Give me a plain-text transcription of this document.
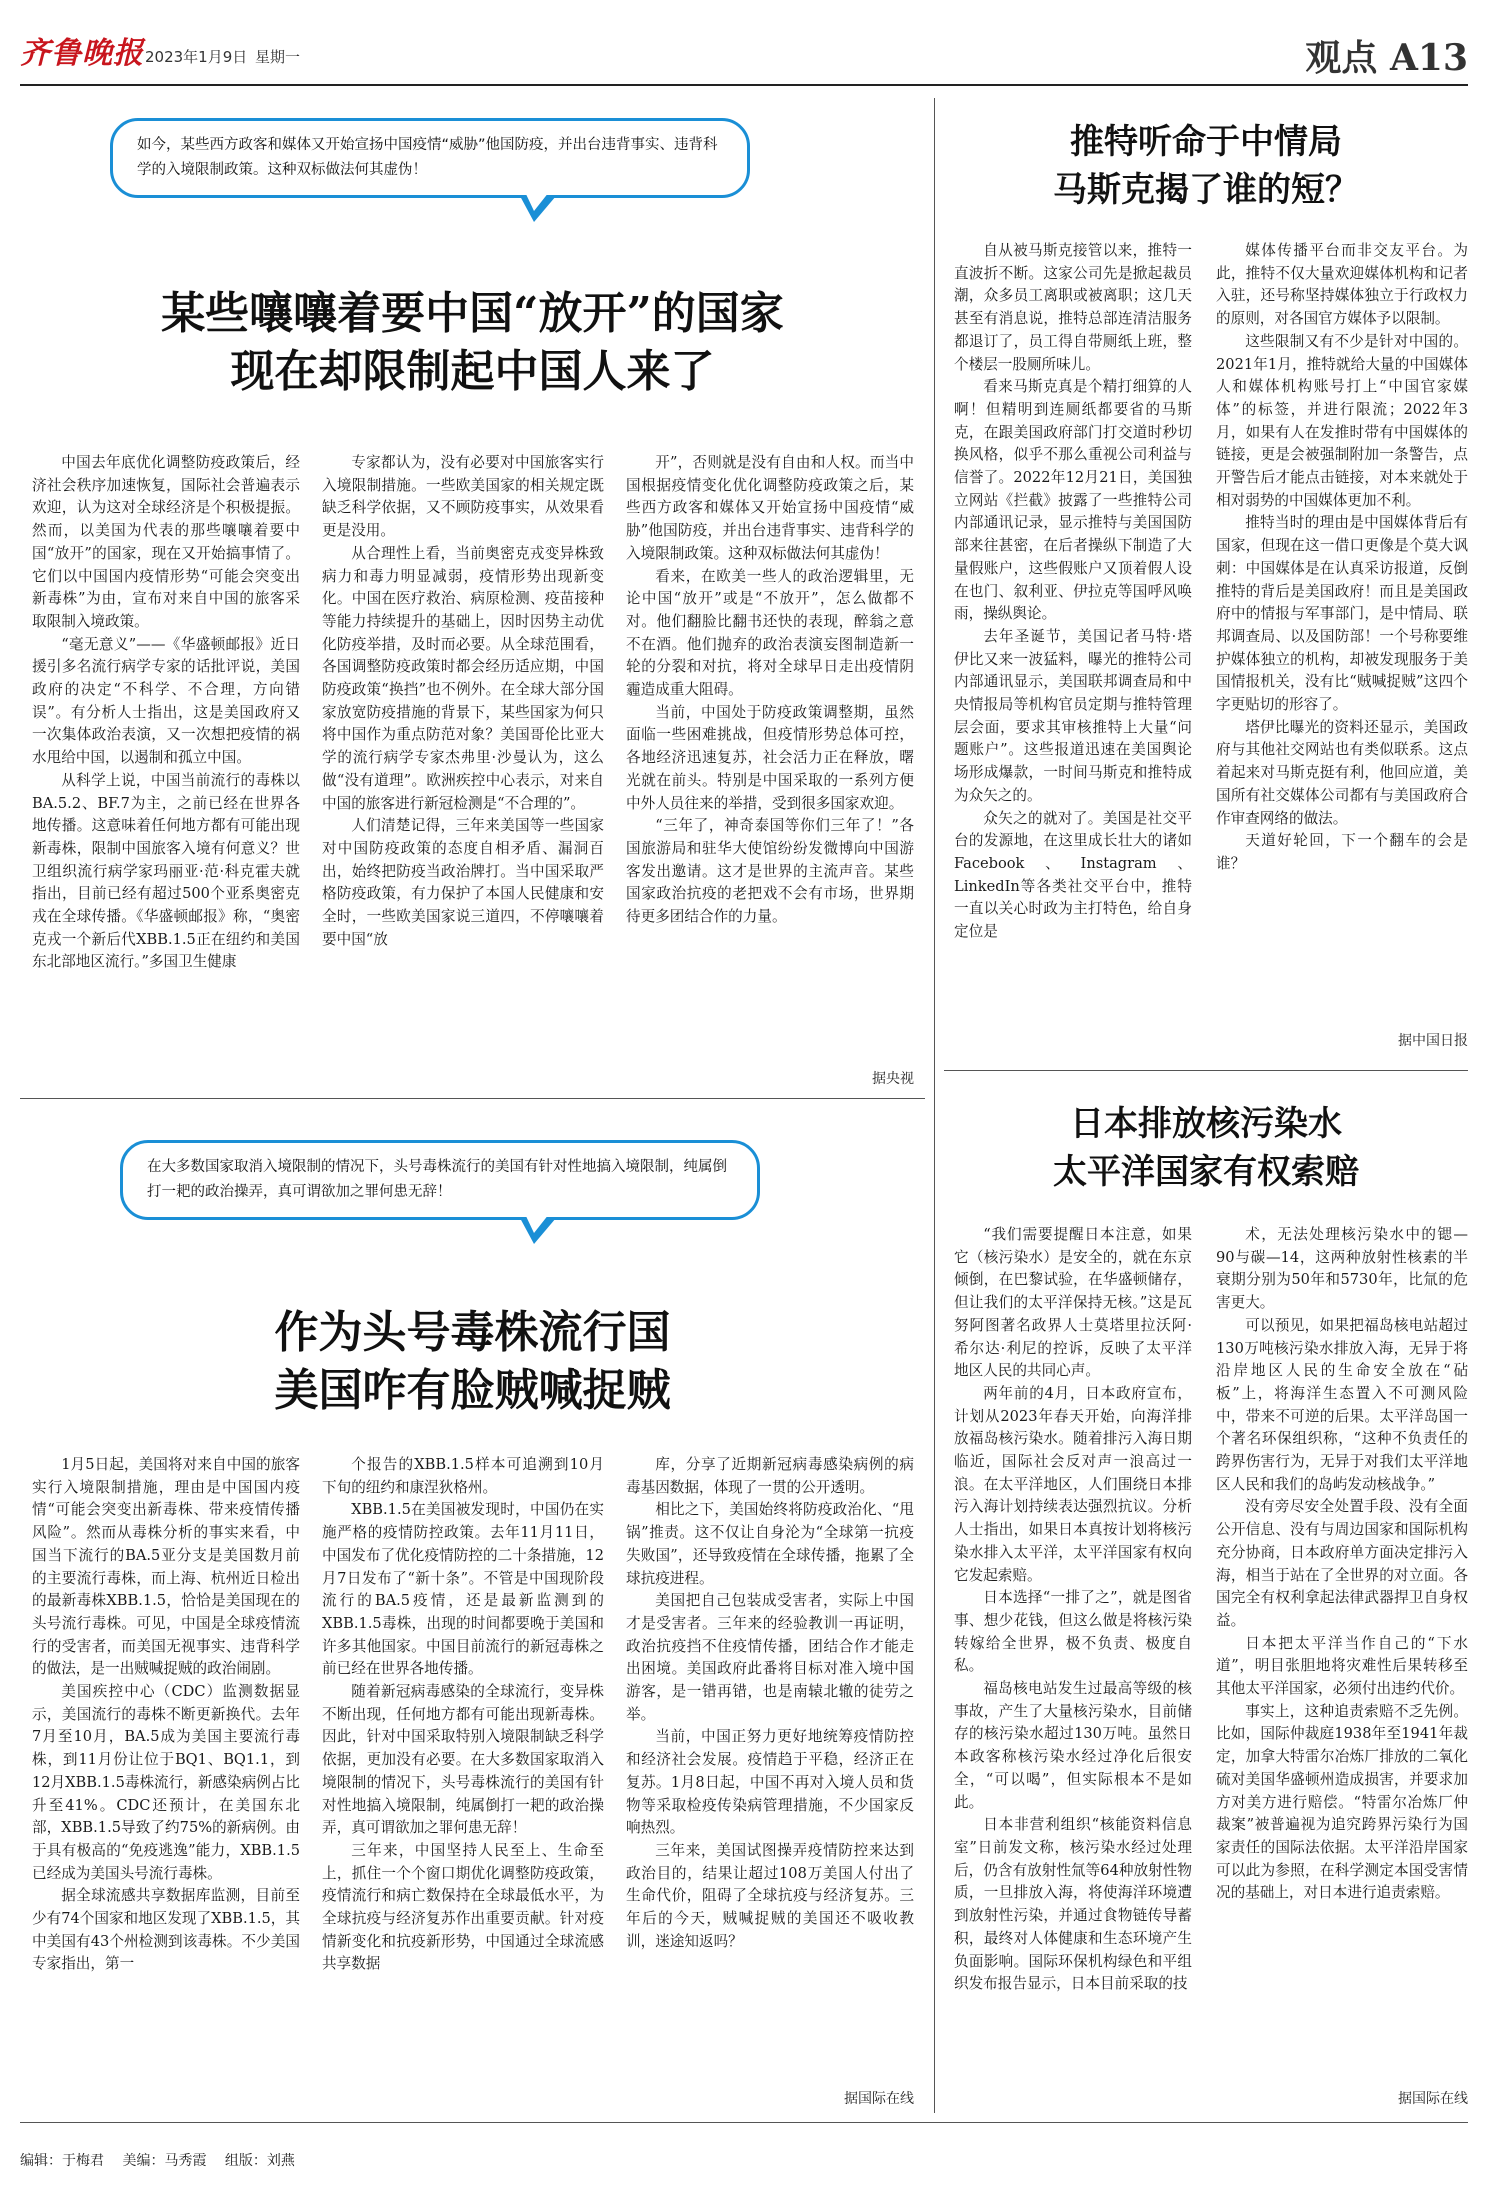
齐鲁晚报 2023年1月9日 星期一	观点 A13
如今，某些西方政客和媒体又开始宣扬中国疫情“威胁”他国防疫，并出台违背事实、违背科学的入境限制政策。这种双标做法何其虚伪！
某些嚷嚷着要中国“放开”的国家
现在却限制起中国人来了

中国去年底优化调整防疫政策后，经济社会秩序加速恢复，国际社会普遍表示欢迎，认为这对全球经济是个积极提振。然而，以美国为代表的那些嚷嚷着要中国“放开”的国家，现在又开始搞事情了。它们以中国国内疫情形势“可能会突变出新毒株”为由，宣布对来自中国的旅客采取限制入境政策。

“毫无意义”——《华盛顿邮报》近日援引多名流行病学专家的话批评说，美国政府的决定“不科学、不合理，方向错误”。有分析人士指出，这是美国政府又一次集体政治表演，又一次想把疫情的祸水甩给中国，以遏制和孤立中国。

从科学上说，中国当前流行的毒株以BA.5.2、BF.7为主，之前已经在世界各地传播。这意味着任何地方都有可能出现新毒株，限制中国旅客入境有何意义？世卫组织流行病学家玛丽亚·范·科克霍夫就指出，目前已经有超过500个亚系奥密克戎在全球传播。《华盛顿邮报》称，“奥密克戎一个新后代XBB.1.5正在纽约和美国东北部地区流行。”多国卫生健康

专家都认为，没有必要对中国旅客实行入境限制措施。一些欧美国家的相关规定既缺乏科学依据，又不顾防疫事实，从效果看更是没用。

从合理性上看，当前奥密克戎变异株致病力和毒力明显减弱，疫情形势出现新变化。中国在医疗救治、病原检测、疫苗接种等能力持续提升的基础上，因时因势主动优化防疫举措，及时而必要。从全球范围看，各国调整防疫政策时都会经历适应期，中国防疫政策“换挡”也不例外。在全球大部分国家放宽防疫措施的背景下，某些国家为何只将中国作为重点防范对象？美国哥伦比亚大学的流行病学专家杰弗里·沙曼认为，这么做“没有道理”。欧洲疾控中心表示，对来自中国的旅客进行新冠检测是“不合理的”。

人们清楚记得，三年来美国等一些国家对中国防疫政策的态度自相矛盾、漏洞百出，始终把防疫当政治牌打。当中国采取严格防疫政策，有力保护了本国人民健康和安全时，一些欧美国家说三道四，不停嚷嚷着要中国“放

开”，否则就是没有自由和人权。而当中国根据疫情变化优化调整防疫政策之后，某些西方政客和媒体又开始宣扬中国疫情“威胁”他国防疫，并出台违背事实、违背科学的入境限制政策。这种双标做法何其虚伪！

看来，在欧美一些人的政治逻辑里，无论中国“放开”或是“不放开”，怎么做都不对。他们翻脸比翻书还快的表现，醉翁之意不在酒。他们抛弃的政治表演妄图制造新一轮的分裂和对抗，将对全球早日走出疫情阴霾造成重大阻碍。

当前，中国处于防疫政策调整期，虽然面临一些困难挑战，但疫情形势总体可控，各地经济迅速复苏，社会活力正在释放，曙光就在前头。特别是中国采取的一系列方便中外人员往来的举措，受到很多国家欢迎。

“三年了，神奇泰国等你们三年了！”各国旅游局和驻华大使馆纷纷发微博向中国游客发出邀请。这才是世界的主流声音。某些国家政治抗疫的老把戏不会有市场，世界期待更多团结合作的力量。

据央视
在大多数国家取消入境限制的情况下，头号毒株流行的美国有针对性地搞入境限制，纯属倒打一耙的政治操弄，真可谓欲加之罪何患无辞！
作为头号毒株流行国
美国咋有脸贼喊捉贼

1月5日起，美国将对来自中国的旅客实行入境限制措施，理由是中国国内疫情“可能会突变出新毒株、带来疫情传播风险”。然而从毒株分析的事实来看，中国当下流行的BA.5亚分支是美国数月前的主要流行毒株，而上海、杭州近日检出的最新毒株XBB.1.5，恰恰是美国现在的头号流行毒株。可见，中国是全球疫情流行的受害者，而美国无视事实、违背科学的做法，是一出贼喊捉贼的政治闹剧。

美国疾控中心（CDC）监测数据显示，美国流行的毒株不断更新换代。去年7月至10月，BA.5成为美国主要流行毒株，到11月份让位于BQ1、BQ1.1，到12月XBB.1.5毒株流行，新感染病例占比升至41%。CDC还预计，在美国东北部，XBB.1.5导致了约75%的新病例。由于具有极高的“免疫逃逸”能力，XBB.1.5已经成为美国头号流行毒株。

据全球流感共享数据库监测，目前至少有74个国家和地区发现了XBB.1.5，其中美国有43个州检测到该毒株。不少美国专家指出，第一

个报告的XBB.1.5样本可追溯到10月下旬的纽约和康涅狄格州。

XBB.1.5在美国被发现时，中国仍在实施严格的疫情防控政策。去年11月11日，中国发布了优化疫情防控的二十条措施，12月7日发布了“新十条”。不管是中国现阶段流行的BA.5疫情，还是最新监测到的XBB.1.5毒株，出现的时间都要晚于美国和许多其他国家。中国目前流行的新冠毒株之前已经在世界各地传播。

随着新冠病毒感染的全球流行，变异株不断出现，任何地方都有可能出现新毒株。因此，针对中国采取特别入境限制缺乏科学依据，更加没有必要。在大多数国家取消入境限制的情况下，头号毒株流行的美国有针对性地搞入境限制，纯属倒打一耙的政治操弄，真可谓欲加之罪何患无辞！

三年来，中国坚持人民至上、生命至上，抓住一个个窗口期优化调整防疫政策，疫情流行和病亡数保持在全球最低水平，为全球抗疫与经济复苏作出重要贡献。针对疫情新变化和抗疫新形势，中国通过全球流感共享数据

库，分享了近期新冠病毒感染病例的病毒基因数据，体现了一贯的公开透明。

相比之下，美国始终将防疫政治化、“甩锅”推责。这不仅让自身沦为“全球第一抗疫失败国”，还导致疫情在全球传播，拖累了全球抗疫进程。

美国把自己包装成受害者，实际上中国才是受害者。三年来的经验教训一再证明，政治抗疫挡不住疫情传播，团结合作才能走出困境。美国政府此番将目标对准入境中国游客，是一错再错，也是南辕北辙的徒劳之举。

当前，中国正努力更好地统筹疫情防控和经济社会发展。疫情趋于平稳，经济正在复苏。1月8日起，中国不再对入境人员和货物等采取检疫传染病管理措施，不少国家反响热烈。

三年来，美国试图操弄疫情防控来达到政治目的，结果让超过108万美国人付出了生命代价，阻碍了全球抗疫与经济复苏。三年后的今天，贼喊捉贼的美国还不吸收教训，迷途知返吗？

据国际在线
推特听命于中情局
马斯克揭了谁的短？

自从被马斯克接管以来，推特一直波折不断。这家公司先是掀起裁员潮，众多员工离职或被离职；这几天甚至有消息说，推特总部连清洁服务都退订了，员工得自带厕纸上班，整个楼层一股厕所味儿。

看来马斯克真是个精打细算的人啊！但精明到连厕纸都要省的马斯克，在跟美国政府部门打交道时秒切换风格，似乎不那么重视公司利益与信誉了。2022年12月21日，美国独立网站《拦截》披露了一些推特公司内部通讯记录，显示推特与美国国防部来往甚密，在后者操纵下制造了大量假账户，这些假账户又顶着假人设在也门、叙利亚、伊拉克等国呼风唤雨，操纵舆论。

去年圣诞节，美国记者马特·塔伊比又来一波猛料，曝光的推特公司内部通讯显示，美国联邦调查局和中央情报局等机构官员定期与推特管理层会面，要求其审核推特上大量“问题账户”。这些报道迅速在美国舆论场形成爆款，一时间马斯克和推特成为众矢之的。

众矢之的就对了。美国是社交平台的发源地，在这里成长壮大的诸如Facebook、Instagram、LinkedIn等各类社交平台中，推特一直以关心时政为主打特色，给自身定位是

媒体传播平台而非交友平台。为此，推特不仅大量欢迎媒体机构和记者入驻，还号称坚持媒体独立于行政权力的原则，对各国官方媒体予以限制。

这些限制又有不少是针对中国的。2021年1月，推特就给大量的中国媒体人和媒体机构账号打上“中国官家媒体”的标签，并进行限流；2022年3月，如果有人在发推时带有中国媒体的链接，更是会被强制附加一条警告，点开警告后才能点击链接，对本来就处于相对弱势的中国媒体更加不利。

推特当时的理由是中国媒体背后有国家，但现在这一借口更像是个莫大讽刺：中国媒体是在认真采访报道，反倒推特的背后是美国政府！而且是美国政府中的情报与军事部门，是中情局、联邦调查局、以及国防部！一个号称要维护媒体独立的机构，却被发现服务于美国情报机关，没有比“贼喊捉贼”这四个字更贴切的形容了。

塔伊比曝光的资料还显示，美国政府与其他社交网站也有类似联系。这点着起来对马斯克挺有利，他回应道，美国所有社交媒体公司都有与美国政府合作审查网络的做法。

天道好轮回，下一个翻车的会是谁？

据中国日报
日本排放核污染水
太平洋国家有权索赔

“我们需要提醒日本注意，如果它（核污染水）是安全的，就在东京倾倒，在巴黎试验，在华盛顿储存，但让我们的太平洋保持无核。”这是瓦努阿图著名政界人士莫塔里拉沃阿·希尔达·利尼的控诉，反映了太平洋地区人民的共同心声。

两年前的4月，日本政府宣布，计划从2023年春天开始，向海洋排放福岛核污染水。随着排污入海日期临近，国际社会反对声一浪高过一浪。在太平洋地区，人们围绕日本排污入海计划持续表达强烈抗议。分析人士指出，如果日本真按计划将核污染水排入太平洋，太平洋国家有权向它发起索赔。

日本选择“一排了之”，就是图省事、想少花钱，但这么做是将核污染转嫁给全世界，极不负责、极度自私。

福岛核电站发生过最高等级的核事故，产生了大量核污染水，目前储存的核污染水超过130万吨。虽然日本政客称核污染水经过净化后很安全，“可以喝”，但实际根本不是如此。

日本非营利组织“核能资料信息室”日前发文称，核污染水经过处理后，仍含有放射性氚等64种放射性物质，一旦排放入海，将使海洋环境遭到放射性污染，并通过食物链传导蓄积，最终对人体健康和生态环境产生负面影响。国际环保机构绿色和平组织发布报告显示，日本目前采取的技

术，无法处理核污染水中的锶—90与碳—14，这两种放射性核素的半衰期分别为50年和5730年，比氚的危害更大。

可以预见，如果把福岛核电站超过130万吨核污染水排放入海，无异于将沿岸地区人民的生命安全放在“砧板”上，将海洋生态置入不可测风险中，带来不可逆的后果。太平洋岛国一个著名环保组织称，“这种不负责任的跨界伤害行为，无异于对我们太平洋地区人民和我们的岛屿发动核战争。”

没有旁尽安全处置手段、没有全面公开信息、没有与周边国家和国际机构充分协商，日本政府单方面决定排污入海，相当于站在了全世界的对立面。各国完全有权利拿起法律武器捍卫自身权益。

日本把太平洋当作自己的“下水道”，明目张胆地将灾难性后果转移至其他太平洋国家，必须付出违约代价。

事实上，这种追责索赔不乏先例。比如，国际仲裁庭1938年至1941年裁定，加拿大特雷尔冶炼厂排放的二氧化硫对美国华盛顿州造成损害，并要求加方对美方进行赔偿。“特雷尔冶炼厂仲裁案”被普遍视为追究跨界污染行为国家责任的国际法依据。太平洋沿岸国家可以此为参照，在科学测定本国受害情况的基础上，对日本进行追责索赔。

据国际在线
编辑：于梅君 美编：马秀霞 组版：刘燕
